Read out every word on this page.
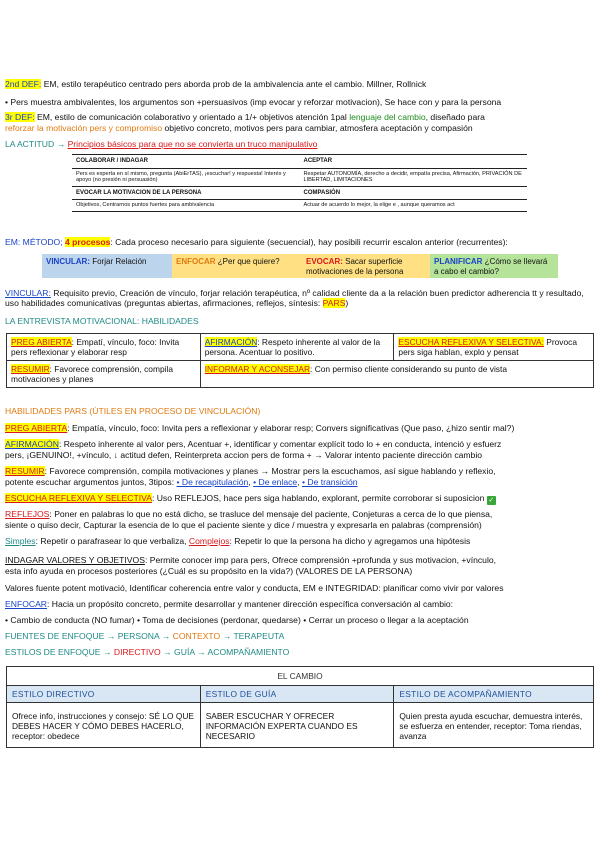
2nd DEF: EM, estilo terapéutico centrado pers aborda prob de la ambivalencia ante el cambio. Millner, Rollnick
• Pers muestra ambivalentes, los argumentos son +persuasivos (imp evocar y reforzar motivacion), Se hace con y para la persona
3r DEF: EM, estilo de comunicación colaborativo y orientado a 1/+ objetivos atención 1pal lenguaje del cambio, diseñado para
reforzar la motivación pers y compromiso objetivo concreto, motivos pers para cambiar, atmosfera aceptación y compasión
LA ACTITUD → Principios básicos para que no se convierta un truco manipulativo
COLABORAR / INDAGAR	ACEPTAR
Pers es experta en sí mismo, pregunta (AbiErTAS), ¡escuchar! y respuesta! Interés y apoyo (no presión ni persuasión)	Respetar AUTONOMÍA, derecho a decidir, empatía precisa, Afirmación, PRIVACIÓN DE LIBERTAD, LIMITACIONES
EVOCAR LA MOTIVACION DE LA PERSONA	COMPASIÓN
Objetivos, Centrarnos puntos fuertes para ambivalencia	Actuar de acuerdo lo mejor, la elige e , aunque queramos act
EM: MÉTODO; 4 procesos: Cada proceso necesario para siguiente (secuencial), hay posibili recurrir escalon anterior (recurrentes):
VINCULAR: Forjar Relación	ENFOCAR ¿Per que quiere?	EVOCAR: Sacar superficie motivaciones de la persona
PLANIFICAR ¿Cómo se llevará a cabo el cambio?
VINCULAR: Requisito previo, Creación de vínculo, forjar relación terapéutica, nº calidad cliente da a la relación buen predictor adherencia tt y resultado, uso habilidades comunicativas (preguntas abiertas, afirmaciones, reflejos, síntesis: PARS)
LA ENTREVISTA MOTIVACIONAL: HABILIDADES
PREG ABIERTA: Empatí, vínculo, foco: Invita pers reflexionar y elaborar resp	AFIRMACIÓN: Respeto inherente al valor de la persona. Acentuar lo positivo.	ESCUCHA REFLEXIVA Y SELECTIVA: Provoca pers siga hablan, explo y pensat
RESUMIR: Favorece comprensión, compila motivaciones y planes	INFORMAR Y ACONSEJAR: Con permiso cliente considerando su punto de vista	
HABILIDADES PARS (ÚTILES EN PROCESO DE VINCULACIÓN)
PREG ABIERTA: Empatía, vínculo, foco: Invita pers a reflexionar y elaborar resp; Convers significativas (Que paso, ¿hizo sentir mal?)
AFIRMACIÓN: Respeto inherente al valor pers, Acentuar +, identificar y comentar explícit todo lo + en conducta, intenció y esfuerz
pers, ¡GENUINO!, +vínculo, ↓ actitud defen, Reinterpreta accion pers de forma + → Valorar intento paciente dirección cambio
RESUMIR: Favorece comprensión, compila motivaciones y planes → Mostrar pers la escuchamos, así sigue hablando y reflexio,
potente escuchar argumentos juntos, 3tipos: • De recapitulación, • De enlace, • De transición
ESCUCHA REFLEXIVA Y SELECTIVA: Uso REFLEJOS, hace pers siga hablando, explorant, permite corroborar si suposicion ✓
REFLEJOS: Poner en palabras lo que no está dicho, se trasluce del mensaje del paciente, Conjeturas a cerca de lo que piensa,
siente o quiso decir, Capturar la esencia de lo que el paciente siente y dice / muestra y expresarla en palabras (comprensión)
Simples: Repetir o parafrasear lo que verbaliza, Complejos: Repetir lo que la persona ha dicho y agregamos una hipótesis
INDAGAR VALORES Y OBJETIVOS: Permite conocer imp para pers, Ofrece comprensión +profunda y sus motivacion, +vínculo,
esta info ayuda en procesos posteriores (¿Cuál es su propósito en la vida?) (VALORES DE LA PERSONA)
Valores fuente potent motivació, Identificar coherencia entre valor y conducta, EM e INTEGRIDAD: planificar como vivir por valores
ENFOCAR: Hacia un propósito concreto, permite desarrollar y mantener dirección específica conversación al cambio:
• Cambio de conducta (NO fumar) • Toma de decisiones (perdonar, quedarse) • Cerrar un proceso o llegar a la aceptación
FUENTES DE ENFOQUE → PERSONA → CONTEXTO → TERAPEUTA
ESTILOS DE ENFOQUE → DIRECTIVO → GUÍA → ACOMPAÑAMIENTO
EL CAMBIO		
ESTILO DIRECTIVO	ESTILO DE GUÍA	ESTILO DE ACOMPAÑAMIENTO
Ofrece info, instrucciones y consejo: SÉ LO QUE DEBES HACER Y CÓMO DEBES HACERLO, receptor: obedece	SABER ESCUCHAR Y OFRECER INFORMACIÓN EXPERTA CUANDO ES NECESARIO	Quien presta ayuda escuchar, demuestra interés, se esfuerza en entender, receptor: Toma riendas, avanza
